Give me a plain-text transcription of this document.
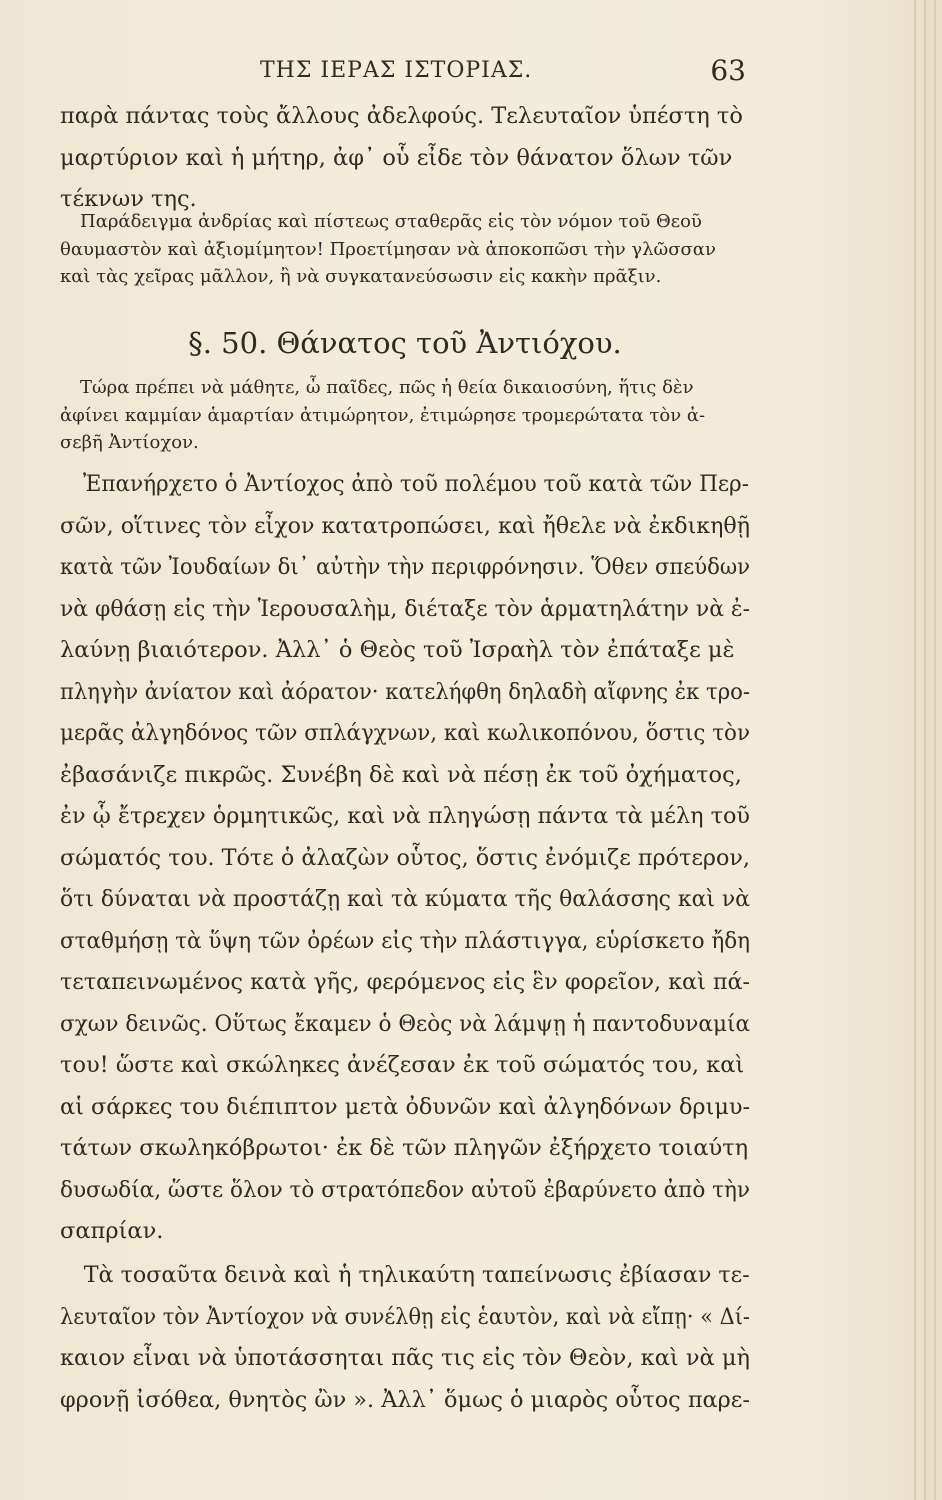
ΤΗΣ ΙΕΡΑΣ ΙΣΤΟΡΙΑΣ.	63
παρὰ πάντας τοὺς ἄλλους ἀδελφούς. Τελευταῖον ὑπέστη τὸ
μαρτύριον καὶ ἡ μήτηρ, ἀφ᾽ οὗ εἶδε τὸν θάνατον ὅλων τῶν
τέκνων της.
Παράδειγμα ἀνδρίας καὶ πίστεως σταθερᾶς εἰς τὸν νόμον τοῦ Θεοῦ
θαυμαστὸν καὶ ἀξιομίμητον! Προετίμησαν νὰ ἀποκοπῶσι τὴν γλῶσσαν
καὶ τὰς χεῖρας μᾶλλον, ἢ νὰ συγκατανεύσωσιν εἰς κακὴν πρᾶξιν.
§. 50. Θάνατος τοῦ Ἀντιόχου.
Τώρα πρέπει νὰ μάθητε, ὦ παῖδες, πῶς ἡ θεία δικαιοσύνη, ἥτις δὲν
ἀφίνει καμμίαν ἁμαρτίαν ἀτιμώρητον, ἐτιμώρησε τρομερώτατα τὸν ἀ-
σεβῆ Ἀντίοχον.
Ἐπανήρχετο ὁ Ἀντίοχος ἀπὸ τοῦ πολέμου τοῦ κατὰ τῶν Περ-
σῶν, οἵτινες τὸν εἶχον κατατροπώσει, καὶ ἤθελε νὰ ἐκδικηθῇ
κατὰ τῶν Ἰουδαίων δι᾽ αὐτὴν τὴν περιφρόνησιν. Ὅθεν σπεύδων
νὰ φθάσῃ εἰς τὴν Ἱερουσαλὴμ, διέταξε τὸν ἁρματηλάτην νὰ ἐ-
λαύνῃ βιαιότερον. Ἀλλ᾽ ὁ Θεὸς τοῦ Ἰσραὴλ τὸν ἐπάταξε μὲ
πληγὴν ἀνίατον καὶ ἀόρατον· κατελήφθη δηλαδὴ αἴφνης ἐκ τρο-
μερᾶς ἀλγηδόνος τῶν σπλάγχνων, καὶ κωλικοπόνου, ὅστις τὸν
ἐβασάνιζε πικρῶς. Συνέβη δὲ καὶ νὰ πέσῃ ἐκ τοῦ ὀχήματος,
ἐν ᾧ ἔτρεχεν ὁρμητικῶς, καὶ νὰ πληγώσῃ πάντα τὰ μέλη τοῦ
σώματός του. Τότε ὁ ἀλαζὼν οὗτος, ὅστις ἐνόμιζε πρότερον,
ὅτι δύναται νὰ προστάζῃ καὶ τὰ κύματα τῆς θαλάσσης καὶ νὰ
σταθμήσῃ τὰ ὕψη τῶν ὀρέων εἰς τὴν πλάστιγγα, εὑρίσκετο ἤδη
τεταπεινωμένος κατὰ γῆς, φερόμενος εἰς ἓν φορεῖον, καὶ πά-
σχων δεινῶς. Οὕτως ἔκαμεν ὁ Θεὸς νὰ λάμψῃ ἡ παντοδυναμία
του! ὥστε καὶ σκώληκες ἀνέζεσαν ἐκ τοῦ σώματός του, καὶ
αἱ σάρκες του διέπιπτον μετὰ ὀδυνῶν καὶ ἀλγηδόνων δριμυ-
τάτων σκωληκόβρωτοι· ἐκ δὲ τῶν πληγῶν ἐξήρχετο τοιαύτη
δυσωδία, ὥστε ὅλον τὸ στρατόπεδον αὐτοῦ ἐβαρύνετο ἀπὸ τὴν
σαπρίαν.
Τὰ τοσαῦτα δεινὰ καὶ ἡ τηλικαύτη ταπείνωσις ἐβίασαν τε-
λευταῖον τὸν Ἀντίοχον νὰ συνέλθῃ εἰς ἑαυτὸν, καὶ νὰ εἴπῃ· « Δί-
καιον εἶναι νὰ ὑποτάσσηται πᾶς τις εἰς τὸν Θεὸν, καὶ νὰ μὴ
φρονῇ ἰσόθεα, θνητὸς ὢν ». Ἀλλ᾽ ὅμως ὁ μιαρὸς οὗτος παρε-
